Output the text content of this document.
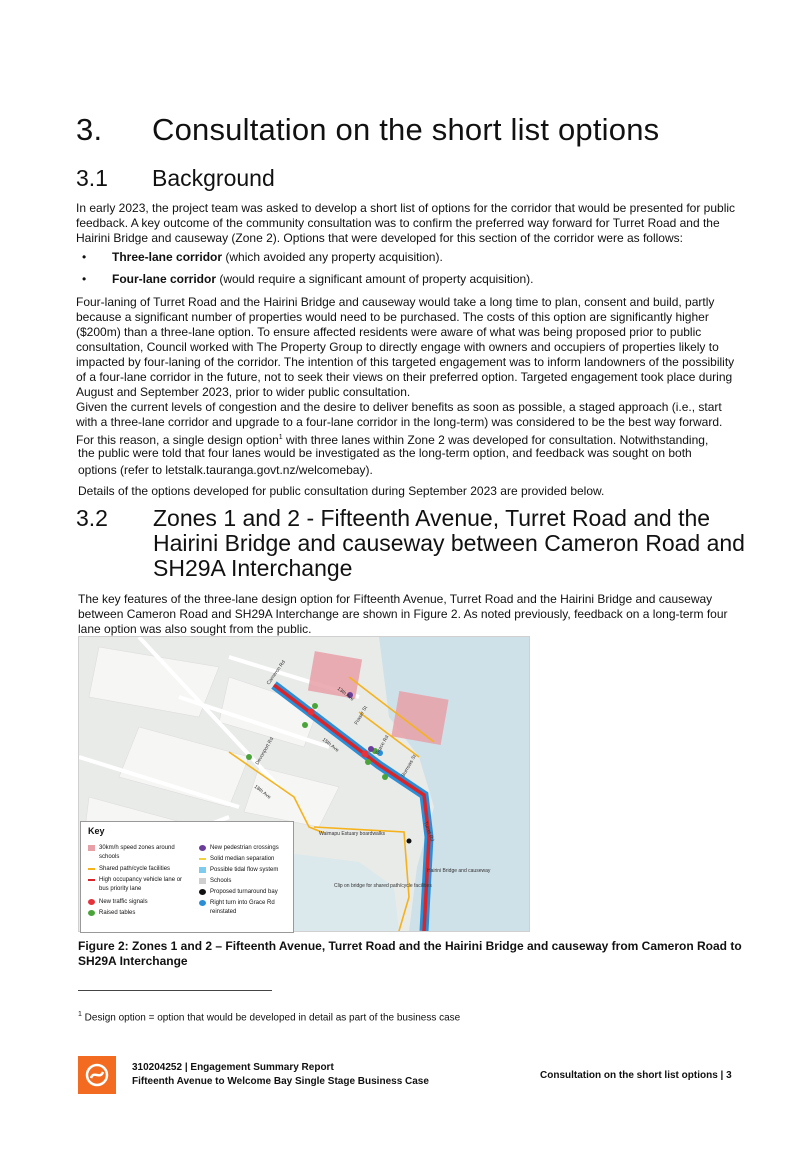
3. Consultation on the short list options
3.1 Background
In early 2023, the project team was asked to develop a short list of options for the corridor that would be presented for public feedback. A key outcome of the community consultation was to confirm the preferred way forward for Turret Road and the Hairini Bridge and causeway (Zone 2). Options that were developed for this section of the corridor were as follows:
• Three-lane corridor (which avoided any property acquisition).
• Four-lane corridor (would require a significant amount of property acquisition).
Four-laning of Turret Road and the Hairini Bridge and causeway would take a long time to plan, consent and build, partly because a significant number of properties would need to be purchased. The costs of this option are significantly higher ($200m) than a three-lane option. To ensure affected residents were aware of what was being proposed prior to public consultation, Council worked with The Property Group to directly engage with owners and occupiers of properties likely to impacted by four-laning of the corridor. The intention of this targeted engagement was to inform landowners of the possibility of a four-lane corridor in the future, not to seek their views on their preferred option. Targeted engagement took place during August and September 2023, prior to wider public consultation.
Given the current levels of congestion and the desire to deliver benefits as soon as possible, a staged approach (i.e., start with a three-lane corridor and upgrade to a four-lane corridor in the long-term) was considered to be the best way forward. For this reason, a single design option$^1$ with three lanes within Zone 2 was developed for consultation. Notwithstanding,
the public were told that four lanes would be investigated as the long-term option, and feedback was sought on both
options (refer to letstalk.tauranga.govt.nz/welcomebay).
Details of the options developed for public consultation during September 2023 are provided below.
3.2	Zones 1 and 2 - Fifteenth Avenue, Turret Road and the Hairini Bridge and causeway between Cameron Road and SH29A Interchange
The key features of the three-lane design option for Fifteenth Avenue, Turret Road and the Hairini Bridge and causeway between Cameron Road and SH29A Interchange are shown in Figure 2. As noted previously, feedback on a long-term four lane option was also sought from the public.
Cameron Rd
13th Ave
Fraser St
15th Ave
Devonport Rd	Grace Rd
Burrows St
18th Ave
Turret Rd
Waimapu Estuary boardwalks
Hairini Bridge and causeway
Clip on bridge for shared path/cycle facilities
Key
30km/h speed zones around schools
Shared path/cycle facilities
High occupancy vehicle lane or bus priority lane
New traffic signals
Raised tables
New pedestrian crossings
Solid median separation
Possible tidal flow system
Schools
Proposed turnaround bay
Right turn into Grace Rd reinstated
Figure 2: Zones 1 and 2 – Fifteenth Avenue, Turret Road and the Hairini Bridge and causeway from Cameron Road to SH29A Interchange
$^1$ Design option = option that would be developed in detail as part of the business case
310204252 | Engagement Summary Report
Fifteenth Avenue to Welcome Bay Single Stage Business Case
Consultation on the short list options | 3
